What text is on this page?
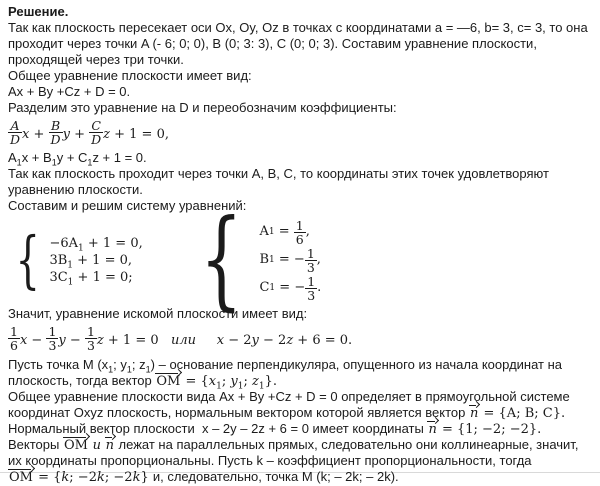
Решение.
Так как плоскость пересекает оси Ox, Oy, Oz в точках с координатами a = —6, b= 3, c= 3, то она
проходит через точки A (- 6; 0; 0), B (0; 3: 3), C (0; 0; 3). Составим уравнение плоскости,
проходящей через три точки.
Общее уравнение плоскости имеет вид:
Ax + By +Cz + D = 0.
Разделим это уравнение на D и переобозначим коэффициенты:
$\frac{A}{D}$ $x + \frac{B}{D}$ $y + \frac{C}{D}$ z + 1 = 0,
$A_1x + B_1y + C_1z + 1 = 0$.
Так как плоскость проходит через точки A, B, C, то координаты этих точек удовлетворяют
уравнению плоскости.
Составим и решим систему уравнений:
{ $-6A_1 + 1 = 0$,
$3B_1 + 1 = 0$,
$3C_1 + 1 = 0$; { A $1 = \frac{1}{6}$ ,
B 1 = − $\frac{1}{3}$ ,
C 1 = − $\frac{1}{3}$ .
Значит, уравнение искомой плоскости имеет вид:
$\frac{1}{6}$ $x - \frac{1}{3}$ $y - \frac{1}{3}$ z + 1 = 0   или x − 2y − 2z + 6 = 0.
Пусть точка M ($x_1$; $y_1$; $z_1$) – основание перпендикуляра, опущенного из начала координат на
плоскость, тогда вектор OM = {$x_1$; $y_1$; $z_1$}.
Общее уравнение плоскости вида Ax + By +Cz + D = 0 определяет в прямоугольной системе
координат Oxyz плоскость, нормальным вектором которой является вектор n = {A; B; C}.
Нормальный вектор плоскости  x – 2y – 2z + 6 = 0 имеет координаты n = {1; −2; −2}.
Векторы OM и n лежат на параллельных прямых, следовательно они коллинеарные, значит,
их координаты пропорциональны. Пусть k – коэффициент пропорциональности, тогда
OM = {k; −2k; −2k} и, следовательно, точка M (k; – 2k; – 2k).
